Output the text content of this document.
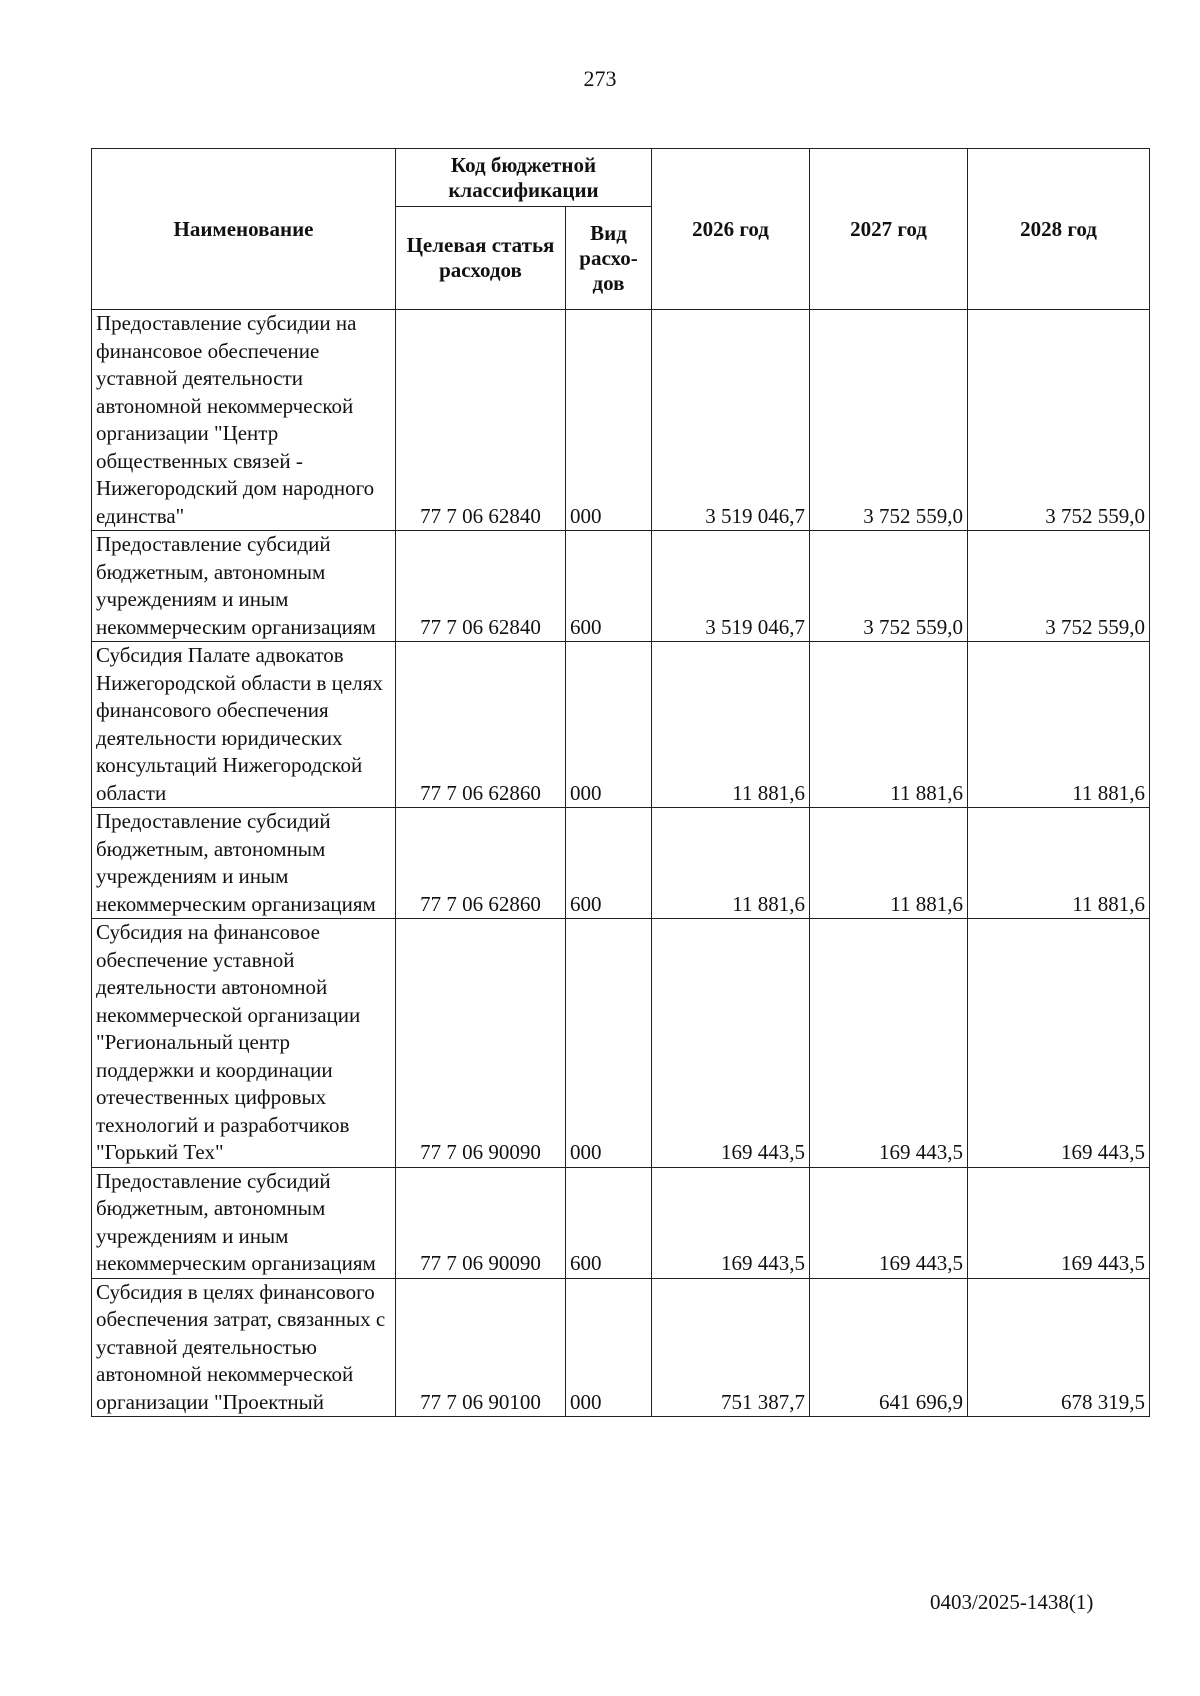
273
Наименование	Код бюджетной классификации		2026 год	2027 год	2028 год
	Целевая статья расходов	Вид расхо-дов			
Предоставление субсидии на финансовое обеспечение уставной деятельности автономной некоммерческой организации "Центр общественных связей - Нижегородский дом народного единства"	77 7 06 62840	000	3 519 046,7	3 752 559,0	3 752 559,0
Предоставление субсидий бюджетным, автономным учреждениям и иным некоммерческим организациям	77 7 06 62840	600	3 519 046,7	3 752 559,0	3 752 559,0
Субсидия Палате адвокатов Нижегородской области в целях финансового обеспечения деятельности юридических консультаций Нижегородской области	77 7 06 62860	000	11 881,6	11 881,6	11 881,6
Предоставление субсидий бюджетным, автономным учреждениям и иным некоммерческим организациям	77 7 06 62860	600	11 881,6	11 881,6	11 881,6
Субсидия на финансовое обеспечение уставной деятельности автономной некоммерческой организации "Региональный центр поддержки и координации отечественных цифровых технологий и разработчиков "Горький Тех"	77 7 06 90090	000	169 443,5	169 443,5	169 443,5
Предоставление субсидий бюджетным, автономным учреждениям и иным некоммерческим организациям	77 7 06 90090	600	169 443,5	169 443,5	169 443,5
Субсидия в целях финансового обеспечения затрат, связанных с уставной деятельностью автономной некоммерческой организации "Проектный	77 7 06 90100	000	751 387,7	641 696,9	678 319,5
0403/2025-1438(1)
